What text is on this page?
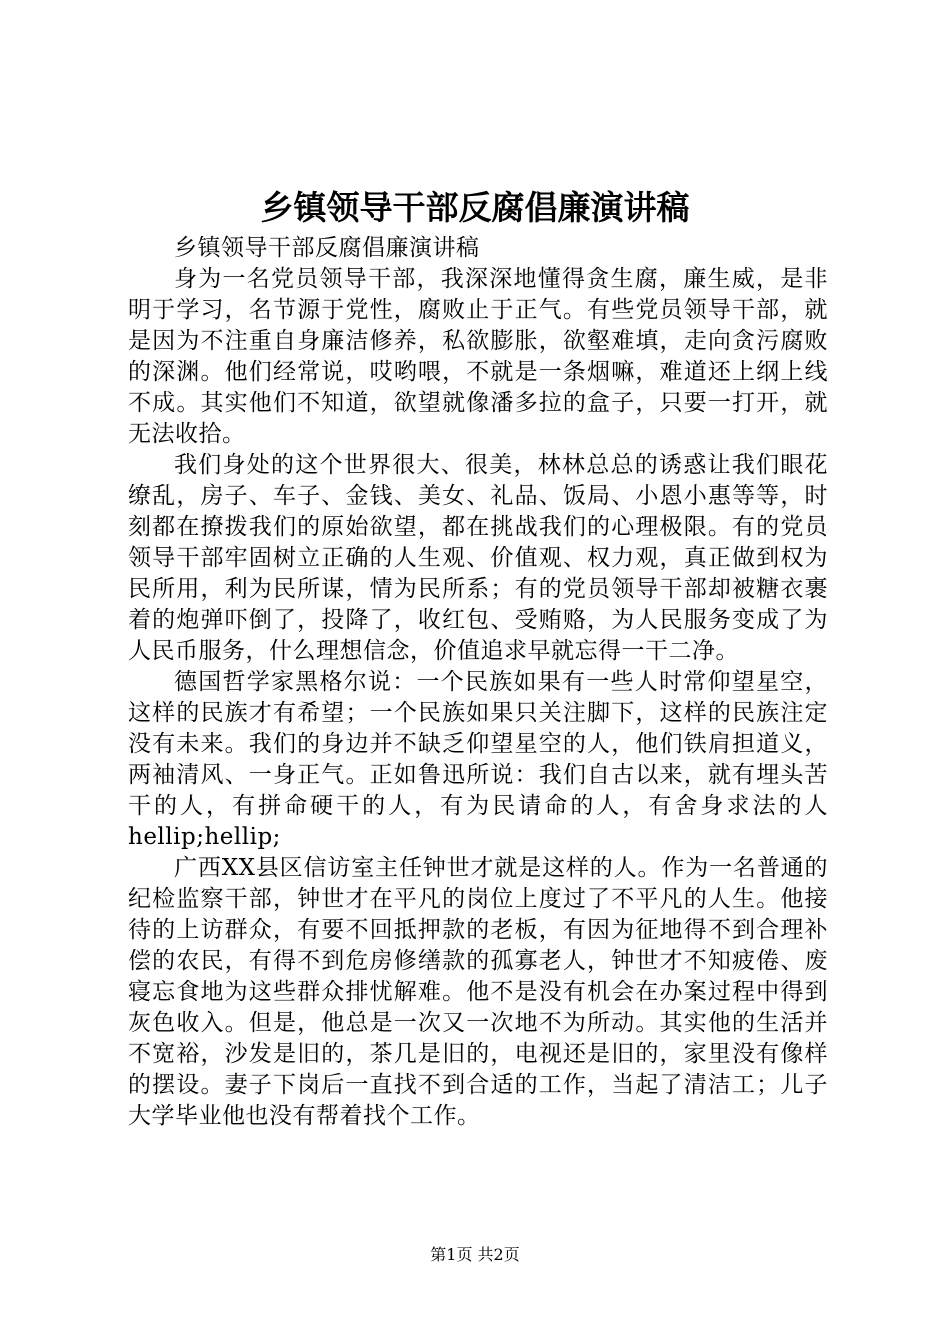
乡镇领导干部反腐倡廉演讲稿

乡镇领导干部反腐倡廉演讲稿

身为一名党员领导干部，我深深地懂得贪生腐，廉生威，是非明于学习，名节源于党性，腐败止于正气。有些党员领导干部，就是因为不注重自身廉洁修养，私欲膨胀，欲壑难填，走向贪污腐败的深渊。他们经常说，哎哟喂，不就是一条烟嘛，难道还上纲上线不成。其实他们不知道，欲望就像潘多拉的盒子，只要一打开，就无法收拾。

我们身处的这个世界很大、很美，林林总总的诱惑让我们眼花缭乱，房子、车子、金钱、美女、礼品、饭局、小恩小惠等等，时刻都在撩拨我们的原始欲望，都在挑战我们的心理极限。有的党员领导干部牢固树立正确的人生观、价值观、权力观，真正做到权为民所用，利为民所谋，情为民所系；有的党员领导干部却被糖衣裹着的炮弹吓倒了，投降了，收红包、受贿赂，为人民服务变成了为人民币服务，什么理想信念，价值追求早就忘得一干二净。

德国哲学家黑格尔说：一个民族如果有一些人时常仰望星空，这样的民族才有希望；一个民族如果只关注脚下，这样的民族注定没有未来。我们的身边并不缺乏仰望星空的人，他们铁肩担道义，两袖清风、一身正气。正如鲁迅所说：我们自古以来，就有埋头苦干的人，有拼命硬干的人，有为民请命的人，有舍身求法的人hellip;hellip;

广西XX县区信访室主任钟世才就是这样的人。作为一名普通的纪检监察干部，钟世才在平凡的岗位上度过了不平凡的人生。他接待的上访群众，有要不回抵押款的老板，有因为征地得不到合理补偿的农民，有得不到危房修缮款的孤寡老人，钟世才不知疲倦、废寝忘食地为这些群众排忧解难。他不是没有机会在办案过程中得到灰色收入。但是，他总是一次又一次地不为所动。其实他的生活并不宽裕，沙发是旧的，茶几是旧的，电视还是旧的，家里没有像样的摆设。妻子下岗后一直找不到合适的工作，当起了清洁工；儿子大学毕业他也没有帮着找个工作。

第1页 共2页
